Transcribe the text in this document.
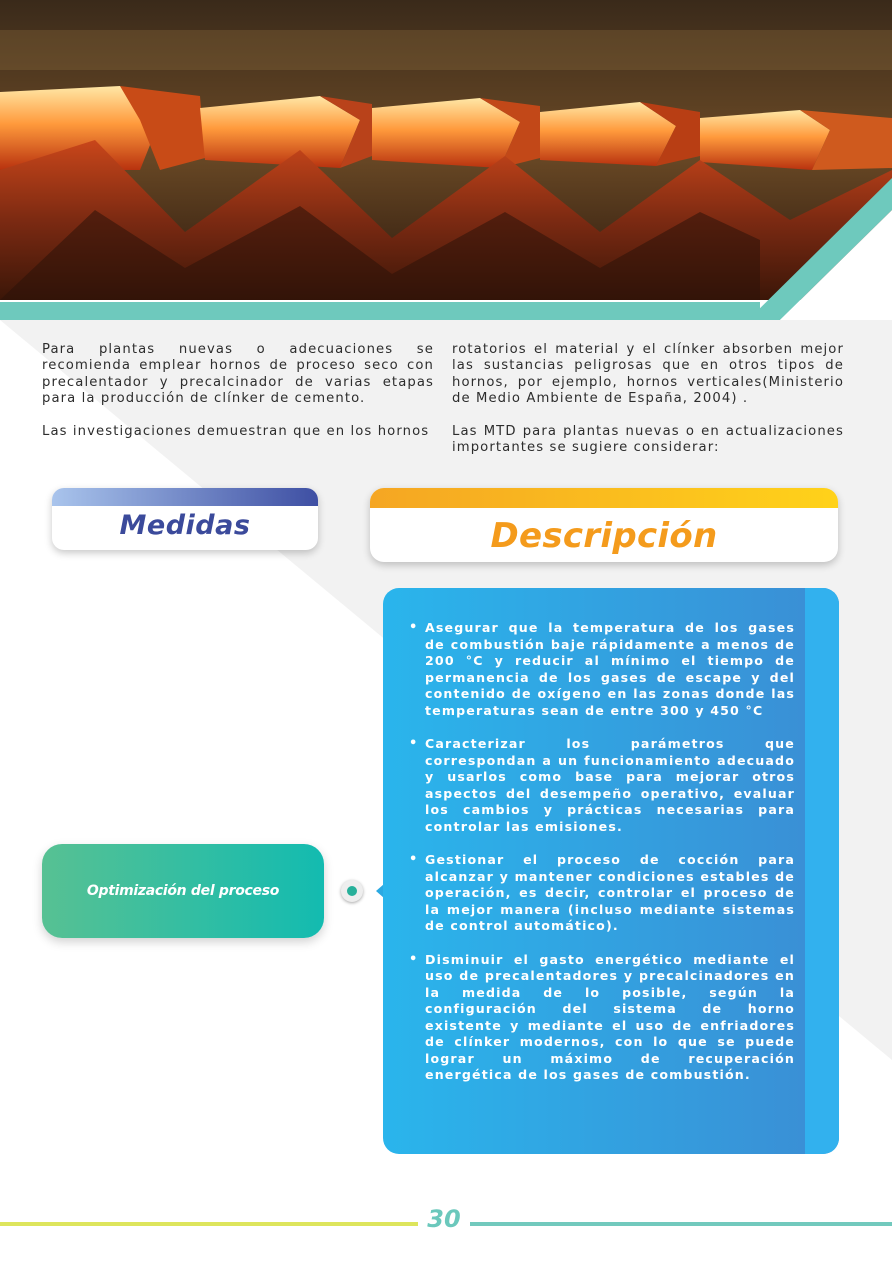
Para plantas nuevas o adecuaciones se recomienda emplear hornos de proceso seco con precalentador y precalcinador de varias etapas para la producción de clínker de cemento.

Las investigaciones demuestran que en los hornos

rotatorios el material y el clínker absorben mejor las sustancias peligrosas que en otros tipos de hornos, por ejemplo, hornos verticales(Ministerio de Medio Ambiente de España, 2004) .

Las MTD para plantas nuevas o en actualizaciones importantes se sugiere considerar:

Medidas	Descripción
Optimización del proceso
• Asegurar que la temperatura de los gases de combustión baje rápidamente a menos de 200 °C y reducir al mínimo el tiempo de permanencia de los gases de escape y del contenido de oxígeno en las zonas donde las temperaturas sean de entre 300 y 450 °C
• Caracterizar los parámetros que correspondan a un funcionamiento adecuado y usarlos como base para mejorar otros aspectos del desempeño operativo, evaluar los cambios y prácticas necesarias para controlar las emisiones.
• Gestionar el proceso de cocción para alcanzar y mantener condiciones estables de operación, es decir, controlar el proceso de la mejor manera (incluso mediante sistemas de control automático).
• Disminuir el gasto energético mediante el uso de precalentadores y precalcinadores en la medida de lo posible, según la configuración del sistema de horno existente y mediante el uso de enfriadores de clínker modernos, con lo que se puede lograr un máximo de recuperación energética de los gases de combustión.
30
